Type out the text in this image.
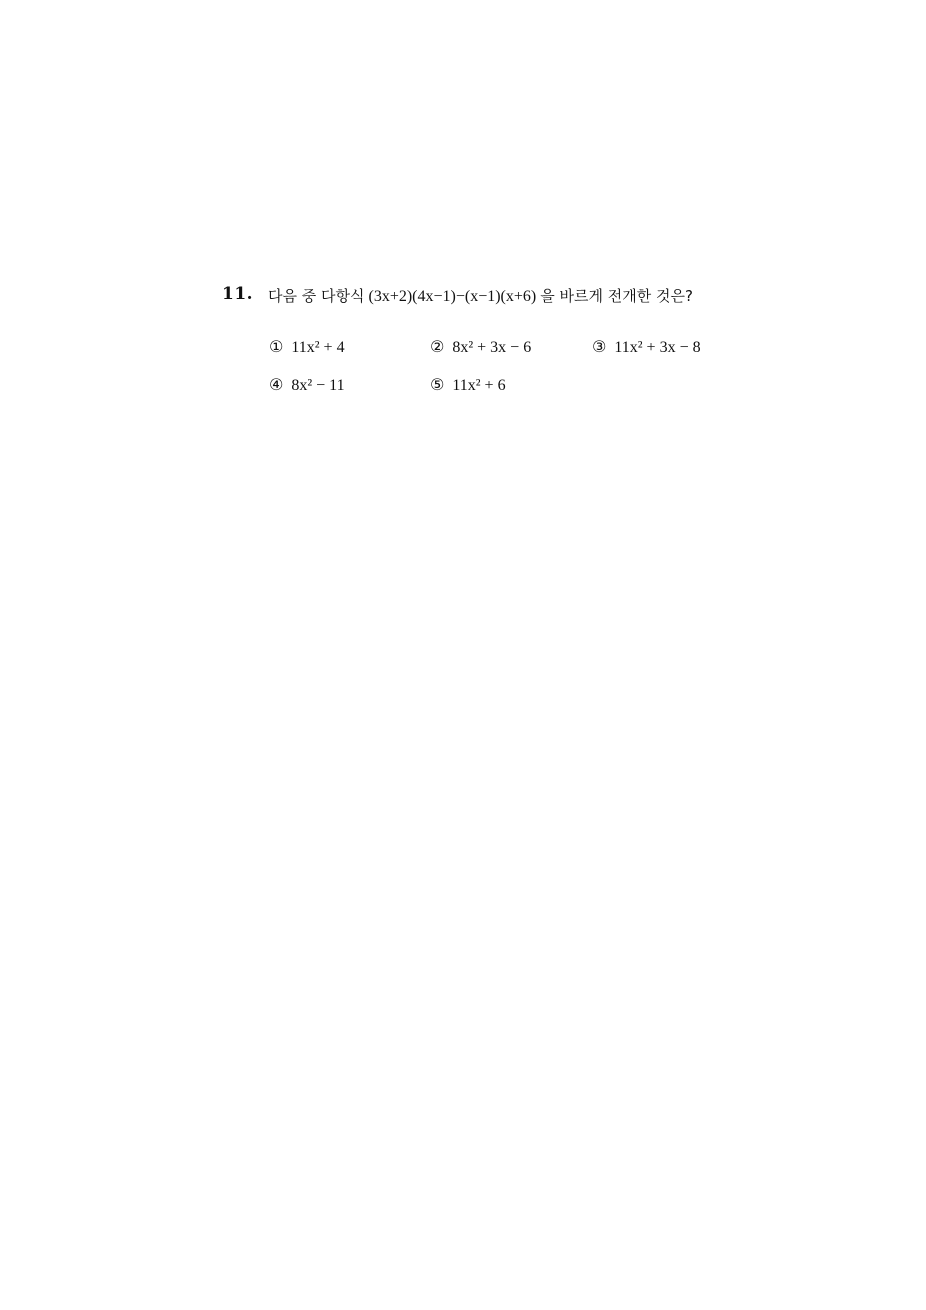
11. 다음 중 다항식 (3x+2)(4x−1)−(x−1)(x+6) 을 바르게 전개한 것은?
① 11x² + 4	② 8x² + 3x − 6	③ 11x² + 3x − 8
④ 8x² − 11	⑤ 11x² + 6
